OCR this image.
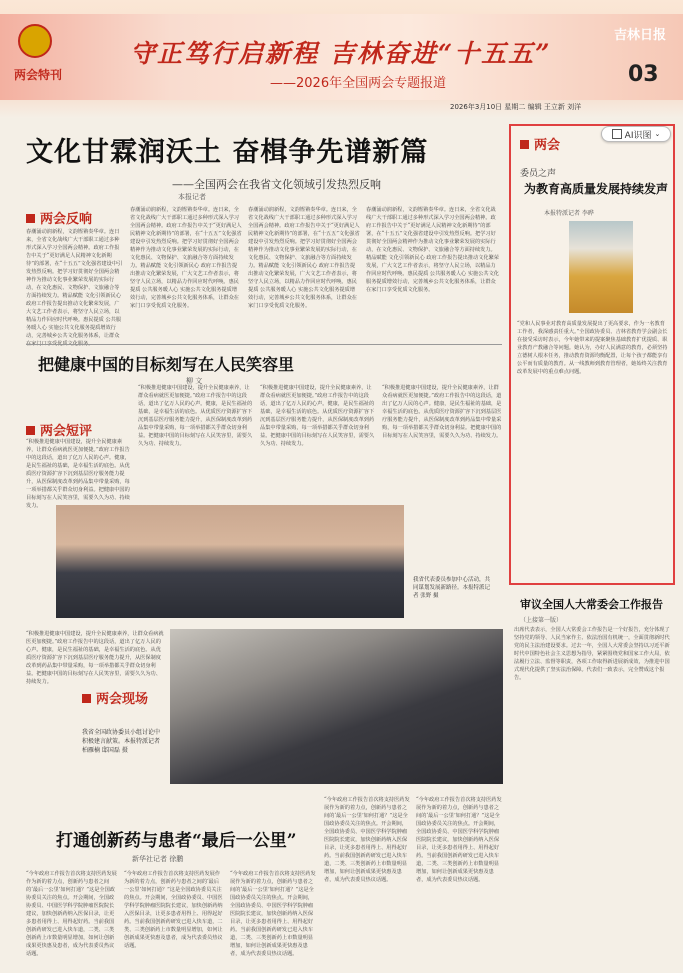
两会特刊
守正笃行启新程 吉林奋进“十五五”
——2026年全国两会专题报道
吉林日报
03
2026年3月10日 星期二 编辑 王立新 刘洋
文化甘霖润沃土 奋楫争先谱新篇
——全国两会在我省文化领域引发热烈反响
本报记者
两会反响
春潮涌动润新程，文韵铿锵奏华章。连日来，全省文化战线广大干部职工通过多种形式深入学习全国两会精神。政府工作报告中关于“更好满足人民精神文化新期待”的部署，在“十五五”文化强省建设中引发热烈反响。把学习好贯彻好全国两会精神作为推动文化事业繁荣发展的实际行动，在文化惠民、文物保护、文旅融合等方面持续发力。精品赋能 文化引领新民心 政府工作报告提出推动文化繁荣发展，广大文艺工作者表示，将坚守人民立场，以精品力作回应时代呼唤。惠民提质 公共服务暖人心 实施公共文化服务提质增效行动，完善城乡公共文化服务体系，让群众
春潮涌动润新程，文韵铿锵奏华章。连日来，全省文化战线广大干部职工通过多种形式深入学习全国两会精神。政府工作报告中关于“更好满足人民精神文化新期待”的部署，在“十五五”文化强省建设中引发热烈反响。把学习好贯彻好全国两会精神作为推动文化事业繁荣发展的实际行动，在文化惠民、文物保护、文旅融合等方面持续发力。精品赋能 文化引领新民心 政府工作报告提出推动文化繁荣发展，广大文艺工作者表示，将坚守人民立场，以精品力作回应时代呼唤。惠民提质 公共服务暖人心 实施公共文化服务提质增效行动，完善城乡公共文化服务体系，让群众在家门口享受优质文化服务。
春潮涌动润新程，文韵铿锵奏华章。连日来，全省文化战线广大干部职工通过多种形式深入学习全国两会精神。政府工作报告中关于“更好满足人民精神文化新期待”的部署，在“十五五”文化强省建设中引发热烈反响。把学习好贯彻好全国两会精神作为推动文化事业繁荣发展的实际行动，在文化惠民、文物保护、文旅融合等方面持续发力。精品赋能 文化引领新民心 政府工作报告提出推动文化繁荣发展，广大文艺工作者表示，将坚守人民立场，以精品力作回应时代呼唤。惠民提质 公共服务暖人心 实施公共文化服务提质增效行动，完善城乡公共文化服务体系，让群众在家门口享受优质文化服务。
春潮涌动润新程，文韵铿锵奏华章。连日来，全省文化战线广大干部职工通过多种形式深入学习全国两会精神。政府工作报告中关于“更好满足人民精神文化新期待”的部署，在“十五五”文化强省建设中引发热烈反响。把学习好贯彻好全国两会精神作为推动文化事业繁荣发展的实际行动，在文化惠民、文物保护、文旅融合等方面持续发力。精品赋能 文化引领新民心 政府工作报告提出推动文化繁荣发展，广大文艺工作者表示，将坚守人民立场，以精品力作回应时代呼唤。惠民提质 公共服务暖人心 实施公共文化服务提质增效行动，完善城乡公共文化服务体系，让群众在家门口享受优质文化服务。
把健康中国的目标刻写在人民笑容里
柳 文
两会短评
“积极推进健康中国建设，提升全民健康素养，让群众看病就医更加便捷。”政府工作报告中的这段话，道出了亿万人民的心声。健康，是民生福祉的基础，是幸福生活的底色。从优质医疗资源扩容下沉到基层医疗服务能力提升，从医保制度改革到药品集中带量采购，每一项举措都关乎群众切身利益。把健康中国的目标刻写在人民笑容里，需要久久为功、持续发力。
“积极推进健康中国建设，提升全民健康素养，让群众看病就医更加便捷。”政府工作报告中的这段话，道出了亿万人民的心声。健康，是民生福祉的基础，是幸福生活的底色。从优质医疗资源扩容下沉到基层医疗服务能力提升，从医保制度改革到药品集中带量采购，每一项举措都关乎群众切身利益。把健康中国的目标刻写在人民笑容里，需要久久为功、持续发力。
“积极推进健康中国建设，提升全民健康素养，让群众看病就医更加便捷。”政府工作报告中的这段话，道出了亿万人民的心声。健康，是民生福祉的基础，是幸福生活的底色。从优质医疗资源扩容下沉到基层医疗服务能力提升，从医保制度改革到药品集中带量采购，每一项举措都关乎群众切身利益。把健康中国的目标刻写在人民笑容里，需要久久为功、持续发力。
“积极推进健康中国建设，提升全民健康素养，让群众看病就医更加便捷。”政府工作报告中的这段话，道出了亿万人民的心声。健康，是民生福祉的基础，是幸福生活的底色。从优质医疗资源扩容下沉到基层医疗服务能力提升，从医保制度改革到药品集中带量采购，每一项举措都关乎群众切身利益。把健康中国的目标刻写在人民笑容里，需要久久为功、持续发力。
我省代表委员参加中心活动，共同谋划发展新路径。本报特派记者 张野 摄
两会现场
我省全国政协委员小组讨论中积极建言献策。本报特派记者 柏雁楠 邸国磊 摄
“积极推进健康中国建设，提升全民健康素养，让群众看病就医更加便捷。”政府工作报告中的这段话，道出了亿万人民的心声。健康，是民生福祉的基础，是幸福生活的底色。从优质医疗资源扩容下沉到基层医疗服务能力提升，从医保制度改革到药品集中带量采购，每一项举措都关乎群众切身利益。把健康中国的目标刻写在人民笑容里，需要久久为功、持续发力。
打通创新药与患者“最后一公里”
新华社记者 徐鹏
“今年政府工作报告首次将支持医药发展作为新的着力点，创新药与患者之间的‘最后一公里’如何打通？”这是全国政协委员关注的焦点。开会期间，全国政协委员、中国医学科学院肿瘤医院院长建议，加快创新药纳入医保目录，让更多患者用得上、用得起好药。当前我国创新药研发已进入快车道，二类、三类创新药上市数量明显增加，如何让创新成果更快惠及患者，成为代表委员热议话题。
“今年政府工作报告首次将支持医药发展作为新的着力点，创新药与患者之间的‘最后一公里’如何打通？”这是全国政协委员关注的焦点。开会期间，全国政协委员、中国医学科学院肿瘤医院院长建议，加快创新药纳入医保目录，让更多患者用得上、用得起好药。当前我国创新药研发已进入快车道，二类、三类创新药上市数量明显增加，如何让创新成果更快惠及患者，成为代表委员热议话题。
“今年政府工作报告首次将支持医药发展作为新的着力点，创新药与患者之间的‘最后一公里’如何打通？”这是全国政协委员关注的焦点。开会期间，全国政协委员、中国医学科学院肿瘤医院院长建议，加快创新药纳入医保目录，让更多患者用得上、用得起好药。当前我国创新药研发已进入快车道，二类、三类创新药上市数量明显增加，如何让创新成果更快惠及患者，成为代表委员热议话题。
“今年政府工作报告首次将支持医药发展作为新的着力点，创新药与患者之间的‘最后一公里’如何打通？”这是全国政协委员关注的焦点。开会期间，全国政协委员、中国医学科学院肿瘤医院院长建议，加快创新药纳入医保目录，让更多患者用得上、用得起好药。当前我国创新药研发已进入快车道，二类、三类创新药上市数量明显增加，如何让创新成果更快惠及患者，成为代表委员热议话题。
“今年政府工作报告首次将支持医药发展作为新的着力点，创新药与患者之间的‘最后一公里’如何打通？”这是全国政协委员关注的焦点。开会期间，全国政协委员、中国医学科学院肿瘤医院院长建议，加快创新药纳入医保目录，让更多患者用得上、用得起好药。当前我国创新药研发已进入快车道，二类、三类创新药上市数量明显增加，如何让创新成果更快惠及患者，成为代表委员热议话题。
两会
AI识图 ⌄
委员之声
为教育高质量发展持续发声
本报特派记者 李晔
“党和人民事业对教育高质量发展提出了更高要求，作为一名教育工作者，我深感责任重大。”全国政协委员、吉林省教育学会副会长在接受采访时表示，今年她带来的提案聚焦基础教育扩优提质、职业教育产教融合等问题。她认为，办好人民满意的教育，必须坚持立德树人根本任务，推动教育资源均衡配置，让每个孩子都能享有公平而有质量的教育。从一线教师到教育管理者，她始终关注教育改革发展中的重点难点问题。
审议全国人大常委会工作报告
（上接第一版）
出席代表表示，全国人大常委会工作报告是一个好报告，充分体现了坚持党的领导、人民当家作主、依法治国有机统一，全面贯彻新时代党的民主法治建设要求。过去一年，全国人大常委会坚持以习近平新时代中国特色社会主义思想为指导，紧紧围绕党和国家工作大局，依法履行立法、监督等职责，各项工作取得新进展新成效，为推进中国式现代化提供了坚实法治保障。代表们一致表示，完全赞成这个报告。
